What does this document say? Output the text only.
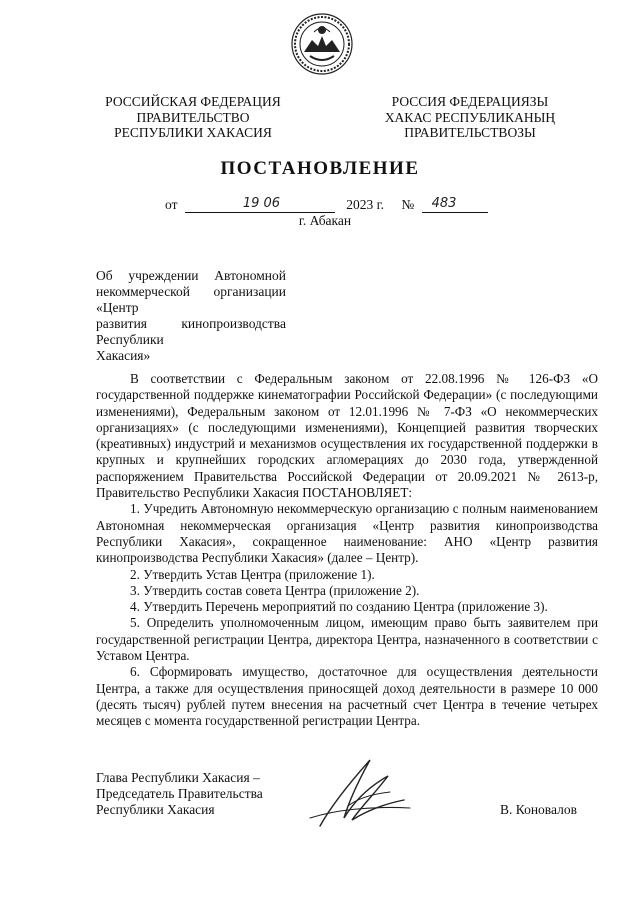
РОССИЙСКАЯ ФЕДЕРАЦИЯ
ПРАВИТЕЛЬСТВО
РЕСПУБЛИКИ ХАКАСИЯ
РОССИЯ ФЕДЕРАЦИЯЗЫ
ХАКАС РЕСПУБЛИКАНЫҢ
ПРАВИТЕЛЬСТВОЗЫ
ПОСТАНОВЛЕНИЕ
от	19 06	2023 г. № 483
г. Абакан

Об учреждении Автономной

некоммерческой организации «Центр

развития кинопроизводства Республики

Хакасия»

В соответствии с Федеральным законом от 22.08.1996 № 126-ФЗ «О государственной поддержке кинематографии Российской Федерации» (с последующими изменениями), Федеральным законом от 12.01.1996 № 7-ФЗ «О некоммерческих организациях» (с последующими изменениями), Концепцией развития творческих (креативных) индустрий и механизмов осуществления их государственной поддержки в крупных и крупнейших городских агломерациях до 2030 года, утвержденной распоряжением Правительства Российской Федерации от 20.09.2021 № 2613-р, Правительство Республики Хакасия ПОСТАНОВЛЯЕТ:

1. Учредить Автономную некоммерческую организацию с полным наименованием Автономная некоммерческая организация «Центр развития кинопроизводства Республики Хакасия», сокращенное наименование: АНО «Центр развития кинопроизводства Республики Хакасия» (далее – Центр).

2. Утвердить Устав Центра (приложение 1).

3. Утвердить состав совета Центра (приложение 2).

4. Утвердить Перечень мероприятий по созданию Центра (приложение 3).

5. Определить уполномоченным лицом, имеющим право быть заявителем при государственной регистрации Центра, директора Центра, назначенного в соответствии с Уставом Центра.

6. Сформировать имущество, достаточное для осуществления деятельности Центра, а также для осуществления приносящей доход деятельности в размере 10 000 (десять тысяч) рублей путем внесения на расчетный счет Центра в течение четырех месяцев с момента государственной регистрации Центра.

Глава Республики Хакасия –
Председатель Правительства
Республики Хакасия	В. Коновалов
